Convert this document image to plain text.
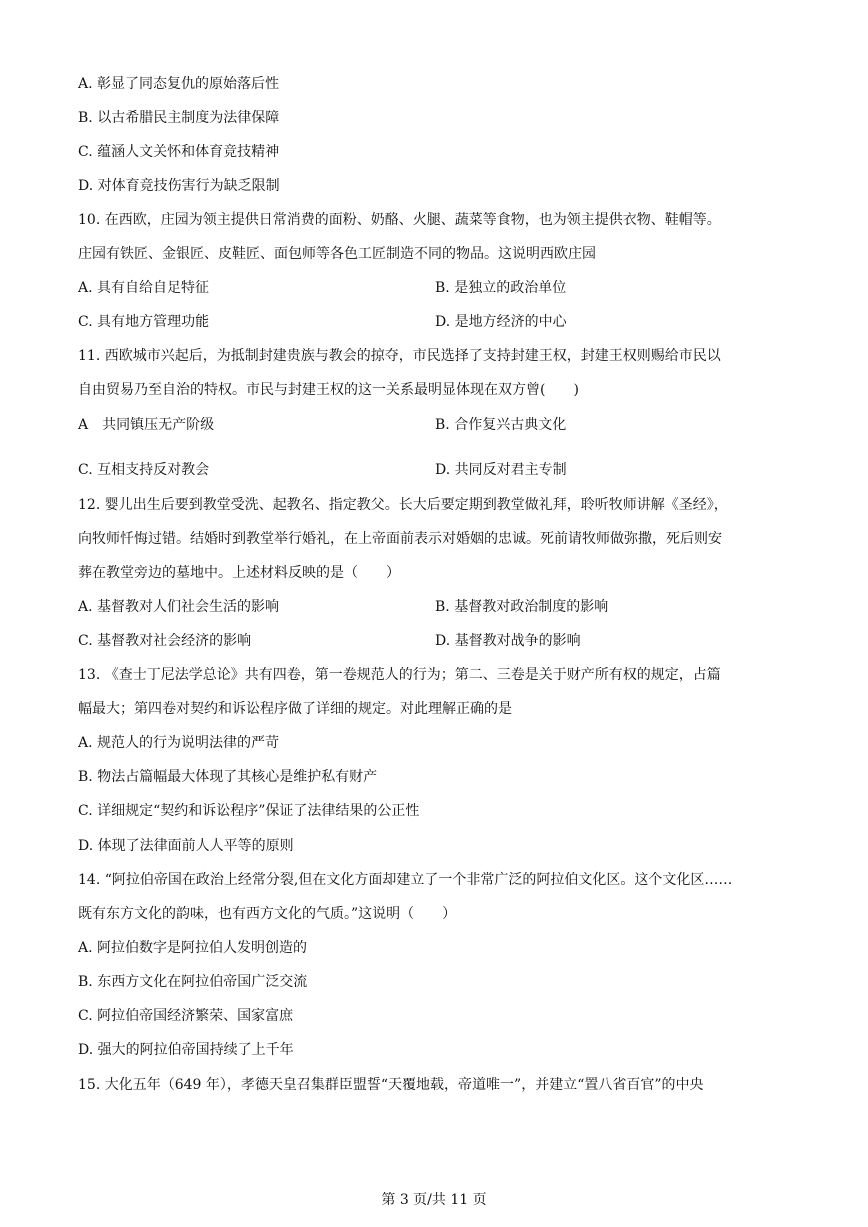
A. 彰显了同态复仇的原始落后性
B. 以古希腊民主制度为法律保障
C. 蕴涵人文关怀和体育竞技精神
D. 对体育竞技伤害行为缺乏限制
10. 在西欧，庄园为领主提供日常消费的面粉、奶酪、火腿、蔬菜等食物，也为领主提供衣物、鞋帽等。
庄园有铁匠、金银匠、皮鞋匠、面包师等各色工匠制造不同的物品。这说明西欧庄园
A. 具有自给自足特征	B. 是独立的政治单位
C. 具有地方管理功能	D. 是地方经济的中心
11. 西欧城市兴起后，为抵制封建贵族与教会的掠夺，市民选择了支持封建王权，封建王权则赐给市民以
自由贸易乃至自治的特权。市民与封建王权的这一关系最明显体现在双方曾(　　)
A　共同镇压无产阶级	B. 合作复兴古典文化
C. 互相支持反对教会	D. 共同反对君主专制
12. 婴儿出生后要到教堂受洗、起教名、指定教父。长大后要定期到教堂做礼拜，聆听牧师讲解《圣经》，
向牧师忏悔过错。结婚时到教堂举行婚礼，在上帝面前表示对婚姻的忠诚。死前请牧师做弥撒，死后则安
葬在教堂旁边的墓地中。上述材料反映的是（　　）
A. 基督教对人们社会生活的影响	B. 基督教对政治制度的影响
C. 基督教对社会经济的影响	D. 基督教对战争的影响
13. 《查士丁尼法学总论》共有四卷，第一卷规范人的行为；第二、三卷是关于财产所有权的规定，占篇
幅最大；第四卷对契约和诉讼程序做了详细的规定。对此理解正确的是
A. 规范人的行为说明法律的严苛
B. 物法占篇幅最大体现了其核心是维护私有财产
C. 详细规定“契约和诉讼程序”保证了法律结果的公正性
D. 体现了法律面前人人平等的原则
14. “阿拉伯帝国在政治上经常分裂,但在文化方面却建立了一个非常广泛的阿拉伯文化区。这个文化区……
既有东方文化的韵味，也有西方文化的气质。”这说明（　　）
A. 阿拉伯数字是阿拉伯人发明创造的
B. 东西方文化在阿拉伯帝国广泛交流
C. 阿拉伯帝国经济繁荣、国家富庶
D. 强大的阿拉伯帝国持续了上千年
15. 大化五年（649 年），孝德天皇召集群臣盟誓“天覆地载，帝道唯一”，并建立“置八省百官”的中央
第 3 页/共 11 页
